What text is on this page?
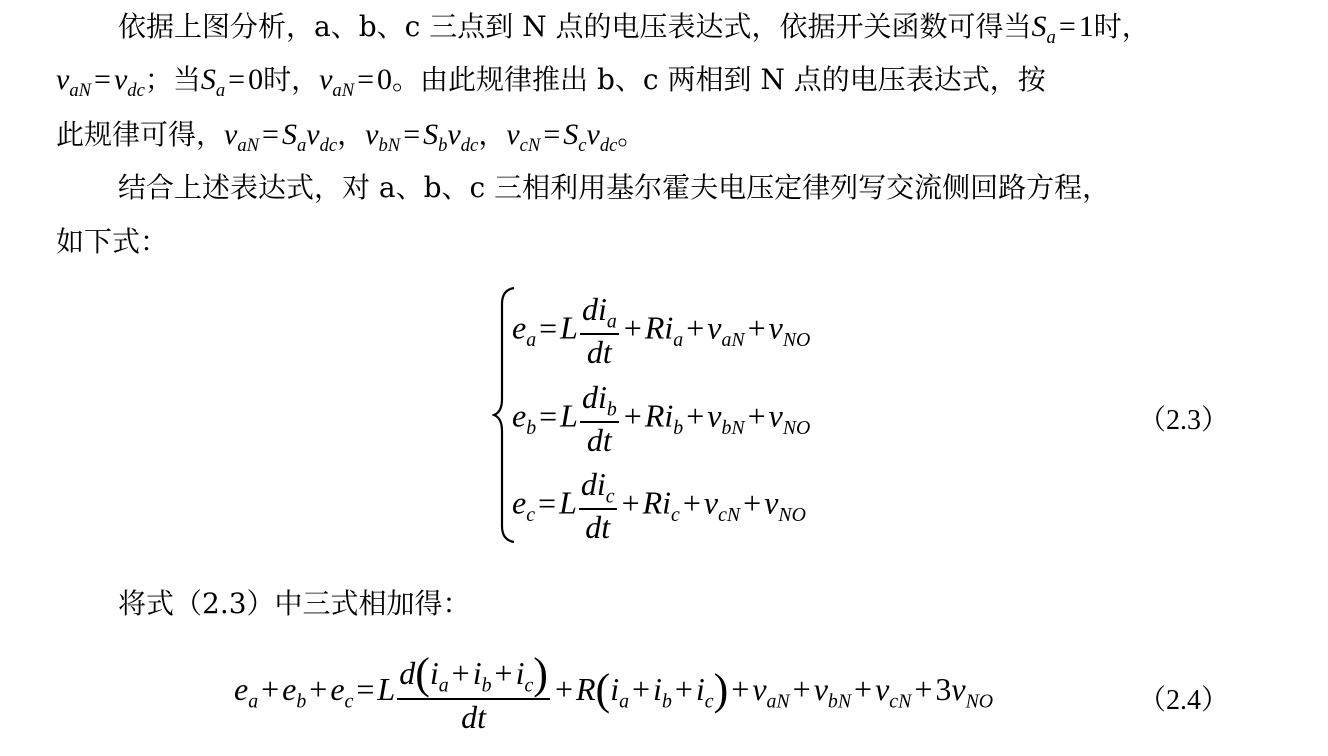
依据上图分析，a、b、c 三点到 N 点的电压表达式，依据开关函数可得当$S_a = 1$时，
$v_{aN} = v_{dc}$；当$S_a = 0$时，$v_{aN} = 0$。由此规律推出 b、c 两相到 N 点的电压表达式，按
此规律可得，$v_{aN} = S_av_{dc}$，$v_{bN} = S_bv_{dc}$，$v_{cN} = S_cv_{dc}$。
结合上述表达式，对 a、b、c 三相利用基尔霍夫电压定律列写交流侧回路方程，
如下式：
$e_a=L \frac{di_a}{dt} +Ri_a+v_{aN}+v_{NO}$
$e_b=L \frac{di_b}{dt} +Ri_b+v_{bN}+v_{NO}$
$e_c=L \frac{di_c}{dt} +Ri_c+v_{cN}+v_{NO}$
（2.3）
将式（2.3）中三式相加得：
$e_a+e_b+e_c=L \frac{d(i_a+i_b+i_c)}{dt} +R(i_a+i_b+i_c)+v_{aN}+v_{bN}+v_{cN}+3v_{NO}$	（2.4）
